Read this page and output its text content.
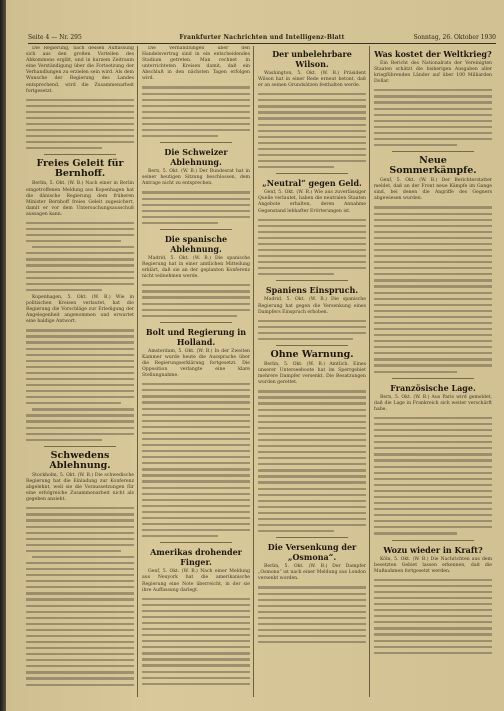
Seite 4 — Nr. 295	Frankfurter Nachrichten und Intelligenz-Blatt	Sonntag, 26. Oktober 1930

Die Regierung, nach dessen Auffassung sich aus den großen Vorteilen des Abkommens ergibt, und in kurzem Zeitraum eine Verständigung über die Fortsetzung der Verhandlungen zu erzielen sein wird. Als dem Wunsche der Regierung des Landes entsprechend, wird die Zusammenarbeit fortgesetzt.

Freies Geleit für Bernhoff.

Berlin, 5. Okt. (W. B.) Nach einer in Berlin eingetroffenen Meldung aus Kopenhagen hat die dänische Regierung dem früheren Minister Bernhoff freies Geleit zugesichert, damit er vor dem Untersuchungsausschuß aussagen kann.

Kopenhagen, 5. Okt. (W. B.) Wie in politischen Kreisen verlautet, hat die Regierung die Vorschläge zur Erledigung der Angelegenheit angenommen und erwartet eine baldige Antwort.

Schwedens Ablehnung.

Stockholm, 5. Okt. (W. B.) Die schwedische Regierung hat die Einladung zur Konferenz abgelehnt, weil sie die Voraussetzungen für eine erfolgreiche Zusammenarbeit nicht als gegeben ansieht.

Die Verhandlungen über den Handelsvertrag sind in ein entscheidendes Stadium getreten. Man rechnet in unterrichteten Kreisen damit, daß ein Abschluß in den nächsten Tagen erfolgen wird.

Die Schweizer Ablehnung.

Bern, 5. Okt. (W. B.) Der Bundesrat hat in seiner heutigen Sitzung beschlossen, dem Antrage nicht zu entsprechen.

Die spanische Ablehnung.

Madrid, 5. Okt. (W. B.) Die spanische Regierung hat in einer amtlichen Mitteilung erklärt, daß sie an der geplanten Konferenz nicht teilnehmen werde.

Bolt und Regierung in Holland.

Amsterdam, 5. Okt. (W. B.) In der Zweiten Kammer wurde heute die Aussprache über die Regierungserklärung fortgesetzt. Die Opposition verlangte eine klare Stellungnahme.

Amerikas drohender Finger.

Genf, 5. Okt. (W. B.) Nach einer Meldung aus Neuyork hat die amerikanische Regierung eine Note überreicht, in der sie ihre Auffassung darlegt.

Der unbelehrbare Wilson.

Washington, 5. Okt. (W. B.) Präsident Wilson hat in einer Rede erneut betont, daß er an seinen Grundsätzen festhalten werde.

„Neutral“ gegen Geld.

Genf, 5. Okt. (W. B.) Wie aus zuverlässiger Quelle verlautet, haben die neutralen Staaten Angebote erhalten, deren Annahme Gegenstand lebhafter Erörterungen ist.

Spaniens Einspruch.

Madrid, 5. Okt. (W. B.) Die spanische Regierung hat gegen die Versenkung eines Dampfers Einspruch erhoben.

Ohne Warnung.

Berlin, 5. Okt. (W. B.) Amtlich. Eines unserer Unterseeboote hat im Sperrgebiet mehrere Dampfer versenkt. Die Besatzungen wurden gerettet.

Die Versenkung der „Osmona“.

Berlin, 5. Okt. (W. B.) Der Dampfer „Osmona“ ist nach einer Meldung aus London versenkt worden.

Was kostet der Weltkrieg?

Ein Bericht des Nationalrats der Vereinigten Staaten schätzt die bisherigen Ausgaben aller kriegführenden Länder auf über 100 Milliarden Dollar.

Neue Sommerkämpfe.

Genf, 5. Okt. (W. B.) Der Berichterstatter meldet, daß an der Front neue Kämpfe im Gange sind, bei denen die Angriffe des Gegners abgewiesen wurden.

Französische Lage.

Bern, 5. Okt. (W. B.) Aus Paris wird gemeldet, daß die Lage in Frankreich sich weiter verschärft habe.

Wozu wieder in Kraft?

Köln, 5. Okt. (W. B.) Die Nachrichten aus dem besetzten Gebiet lassen erkennen, daß die Maßnahmen fortgesetzt werden.
